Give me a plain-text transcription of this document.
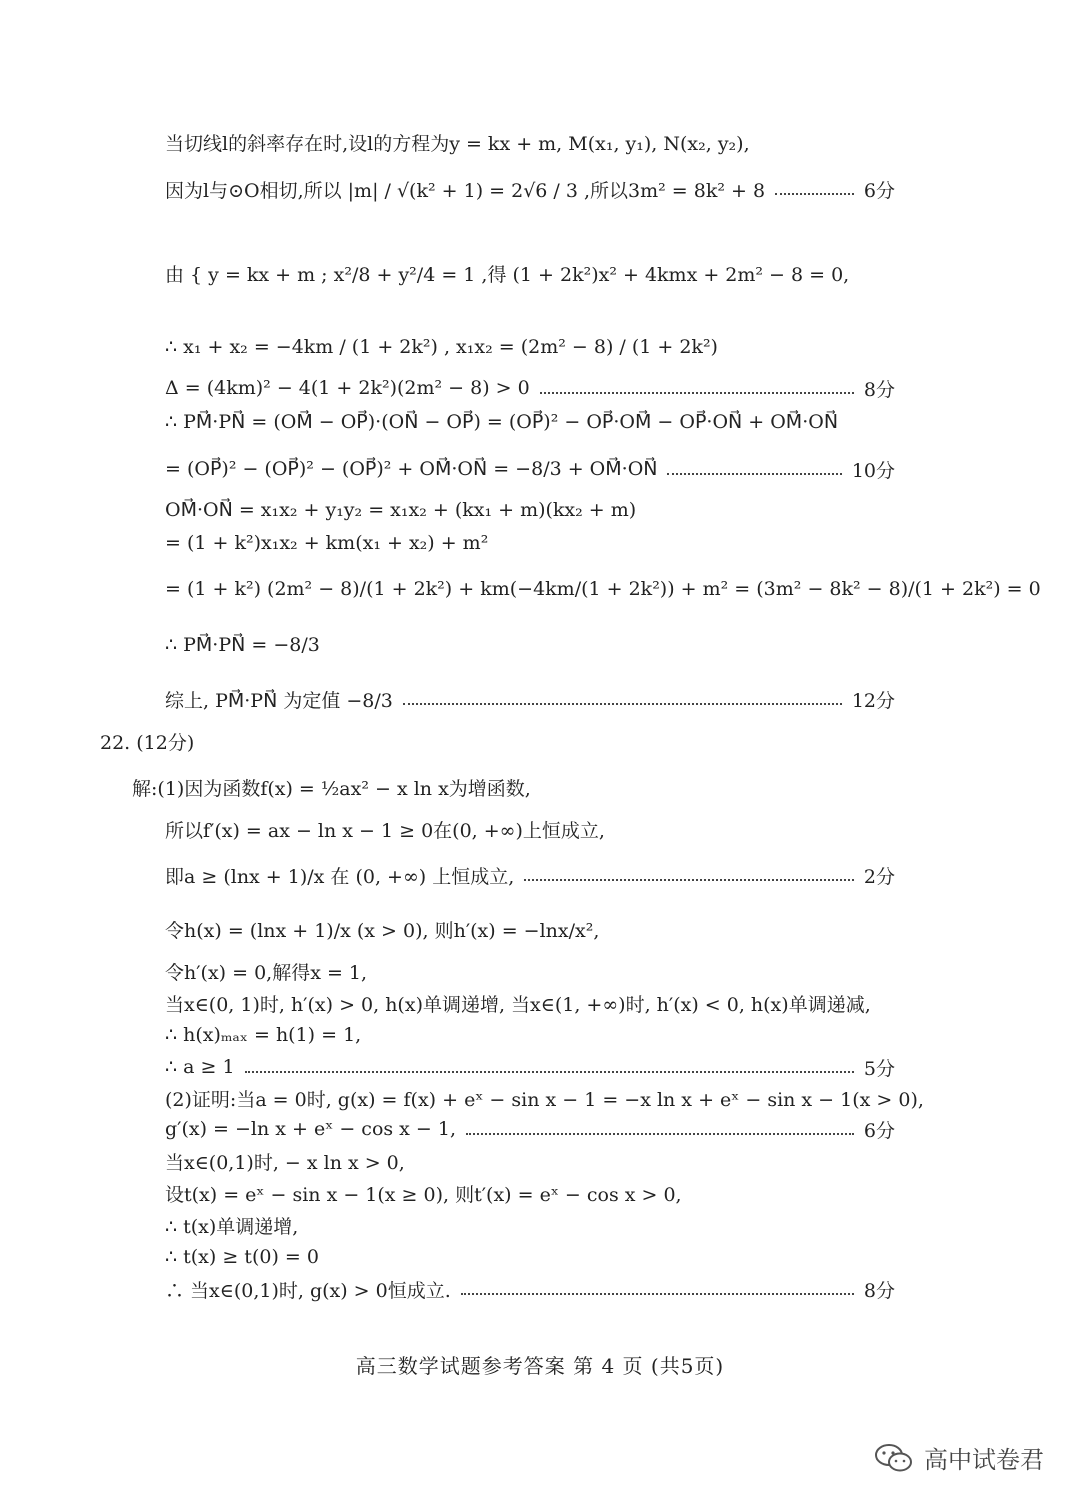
当切线l的斜率存在时,设l的方程为y = kx + m, M(x₁, y₁), N(x₂, y₂),
因为l与⊙O相切,所以 |m| / √(k² + 1) = 2√6 / 3 ,所以3m² = 8k² + 8	6分
由 { y = kx + m ; x²/8 + y²/4 = 1 ,得 (1 + 2k²)x² + 4kmx + 2m² − 8 = 0,
∴ x₁ + x₂ = −4km / (1 + 2k²) , x₁x₂ = (2m² − 8) / (1 + 2k²)
Δ = (4km)² − 4(1 + 2k²)(2m² − 8) > 0	8分
∴ PM⃗·PN⃗ = (OM⃗ − OP⃗)·(ON⃗ − OP⃗) = (OP⃗)² − OP⃗·OM⃗ − OP⃗·ON⃗ + OM⃗·ON⃗
= (OP⃗)² − (OP⃗)² − (OP⃗)² + OM⃗·ON⃗ = −8/3 + OM⃗·ON⃗	10分
OM⃗·ON⃗ = x₁x₂ + y₁y₂ = x₁x₂ + (kx₁ + m)(kx₂ + m)
= (1 + k²)x₁x₂ + km(x₁ + x₂) + m²
= (1 + k²) (2m² − 8)/(1 + 2k²) + km(−4km/(1 + 2k²)) + m² = (3m² − 8k² − 8)/(1 + 2k²) = 0
∴ PM⃗·PN⃗ = −8/3
综上, PM⃗·PN⃗ 为定值 −8/3	12分
22. (12分)
解:(1)因为函数f(x) = ½ax² − x ln x为增函数,
所以f′(x) = ax − ln x − 1 ≥ 0在(0, +∞)上恒成立,
即a ≥ (lnx + 1)/x 在 (0, +∞) 上恒成立,	2分
令h(x) = (lnx + 1)/x (x > 0), 则h′(x) = −lnx/x²,
令h′(x) = 0,解得x = 1,
当x∈(0, 1)时, h′(x) > 0, h(x)单调递增, 当x∈(1, +∞)时, h′(x) < 0, h(x)单调递减,
∴ h(x)ₘₐₓ = h(1) = 1,
∴ a ≥ 1	5分
(2)证明:当a = 0时, g(x) = f(x) + eˣ − sin x − 1 = −x ln x + eˣ − sin x − 1(x > 0),
g′(x) = −ln x + eˣ − cos x − 1,	6分
当x∈(0,1)时, − x ln x > 0,
设t(x) = eˣ − sin x − 1(x ≥ 0), 则t′(x) = eˣ − cos x > 0,
∴ t(x)单调递增,
∴ t(x) ≥ t(0) = 0
∴ 当x∈(0,1)时, g(x) > 0恒成立.	8分
高三数学试题参考答案 第 4 页 (共5页)
高中试卷君
